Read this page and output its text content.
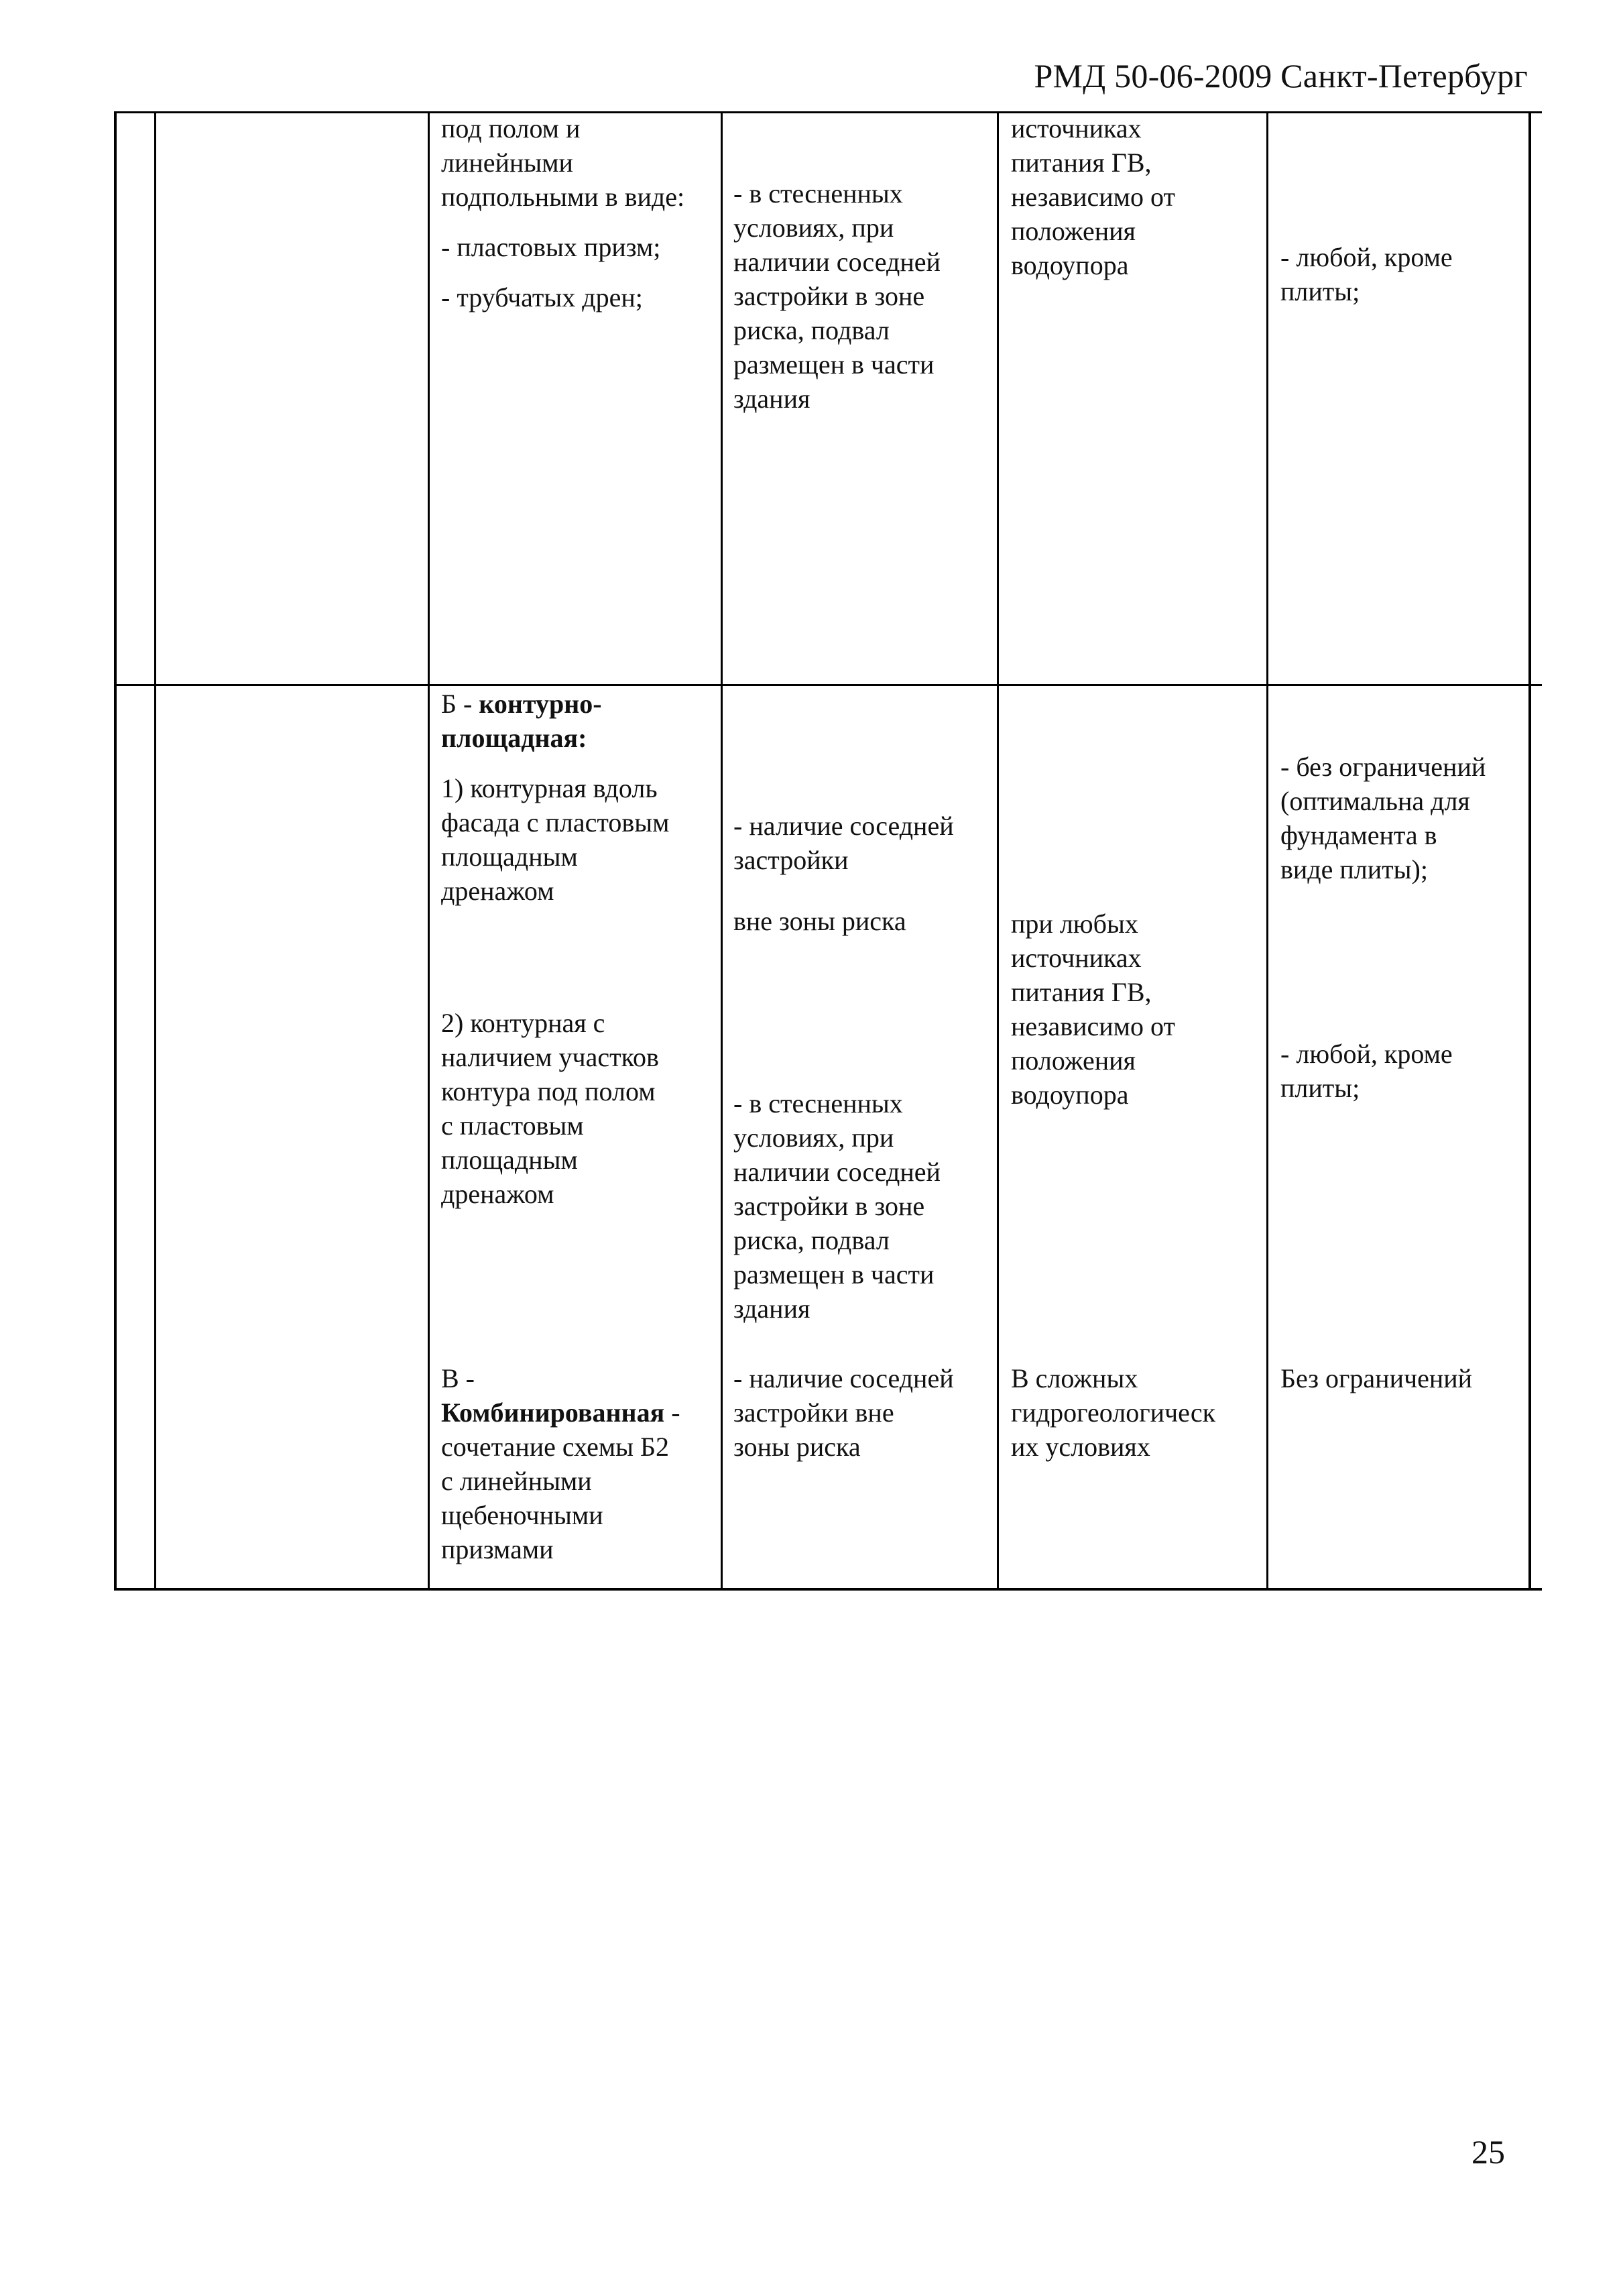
РМД 50-06-2009 Санкт-Петербург

под полом и

линейными

подпольными в виде:

- пластовых призм;

- трубчатых дрен;

- в стесненных

условиях, при

наличии соседней

застройки в зоне

риска, подвал

размещен в части

здания

источниках

питания ГВ,

независимо от

положения

водоупора	- любой, кроме

плиты;

Б - контурно-

площадная:

1) контурная вдоль

фасада с пластовым

площадным

дренажом

2) контурная с

наличием участков

контура под полом

с пластовым

площадным

дренажом

- наличие соседней

застройки

вне зоны риска

- в стесненных

условиях, при

наличии соседней

застройки в зоне

риска, подвал

размещен в части

здания

при любых

источниках

питания ГВ,

независимо от

положения

водоупора

- без ограничений

(оптимальна для

фундамента в

виде плиты);

- любой, кроме

плиты;

В -

Комбинированная -

сочетание схемы Б2

с линейными

щебеночными

призмами

- наличие соседней

застройки вне

зоны риска

В сложных

гидрогеологическ

их условиях

Без ограничений

25
